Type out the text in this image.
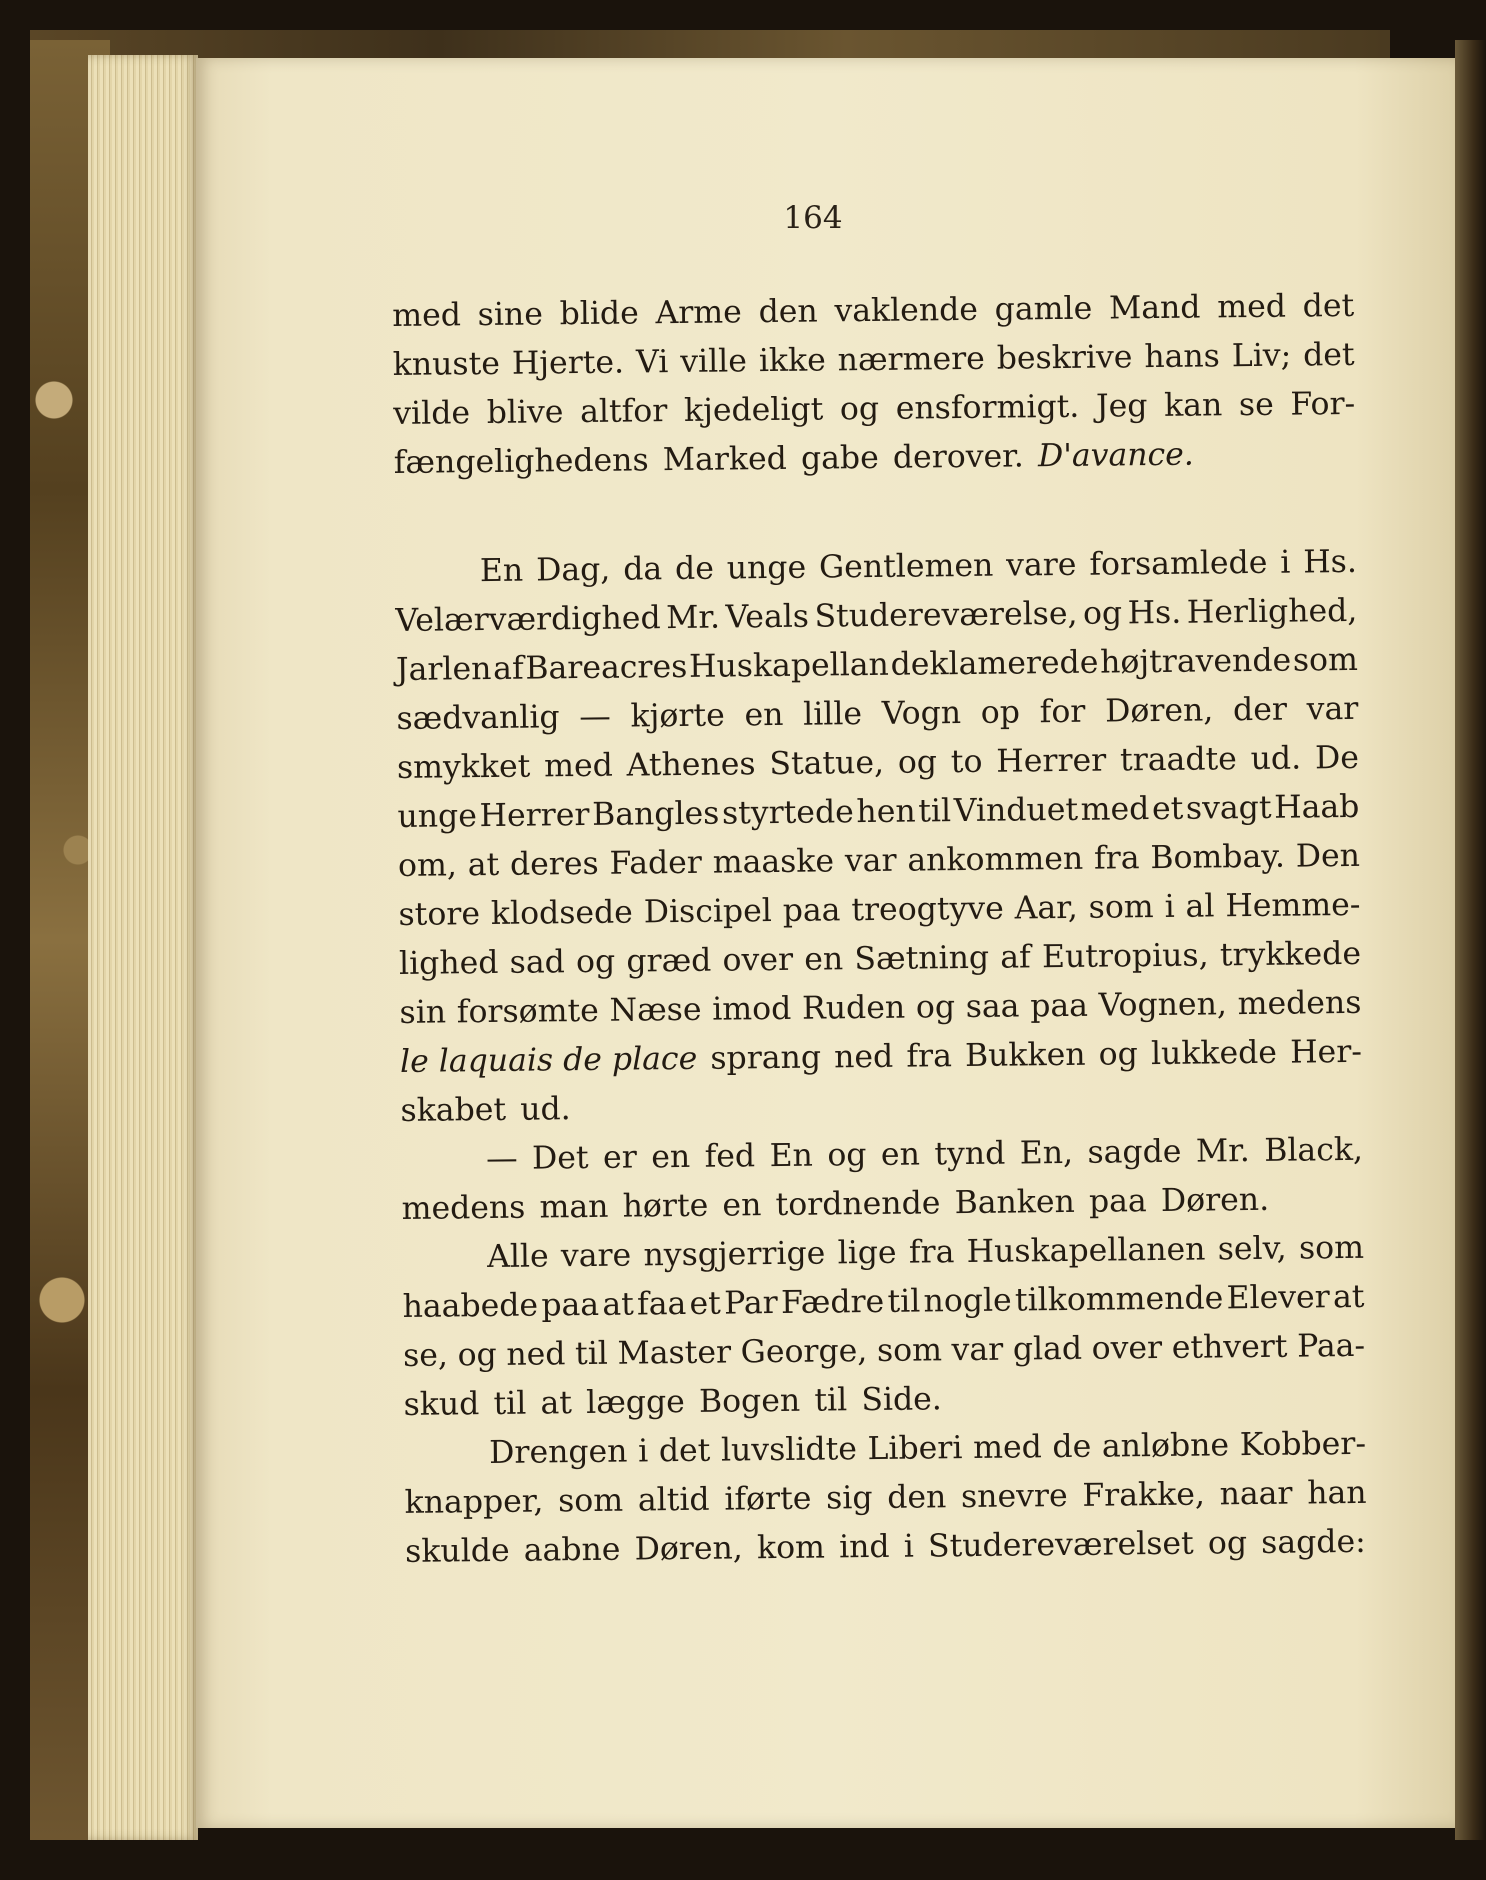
164
med sine blide Arme den vaklende gamle Mand med det
knuste Hjerte. Vi ville ikke nærmere beskrive hans Liv; det
vilde blive altfor kjedeligt og ensformigt. Jeg kan se For-
fængelighedens Marked gabe derover. D'avance.
En Dag, da de unge Gentlemen vare forsamlede i Hs.
Velærværdighed Mr. Veals Studereværelse, og Hs. Herlighed,
Jarlen af Bareacres Huskapellan deklamerede højtravende som
sædvanlig — kjørte en lille Vogn op for Døren, der var
smykket med Athenes Statue, og to Herrer traadte ud. De
unge Herrer Bangles styrtede hen til Vinduet med et svagt Haab
om, at deres Fader maaske var ankommen fra Bombay. Den
store klodsede Discipel paa treogtyve Aar, som i al Hemme-
lighed sad og græd over en Sætning af Eutropius, trykkede
sin forsømte Næse imod Ruden og saa paa Vognen, medens
le laquais de place sprang ned fra Bukken og lukkede Her-
skabet ud.
— Det er en fed En og en tynd En, sagde Mr. Black,
medens man hørte en tordnende Banken paa Døren.
Alle vare nysgjerrige lige fra Huskapellanen selv, som
haabede paa at faa et Par Fædre til nogle tilkommende Elever at
se, og ned til Master George, som var glad over ethvert Paa-
skud til at lægge Bogen til Side.
Drengen i det luvslidte Liberi med de anløbne Kobber-
knapper, som altid iførte sig den snevre Frakke, naar han
skulde aabne Døren, kom ind i Studereværelset og sagde:
